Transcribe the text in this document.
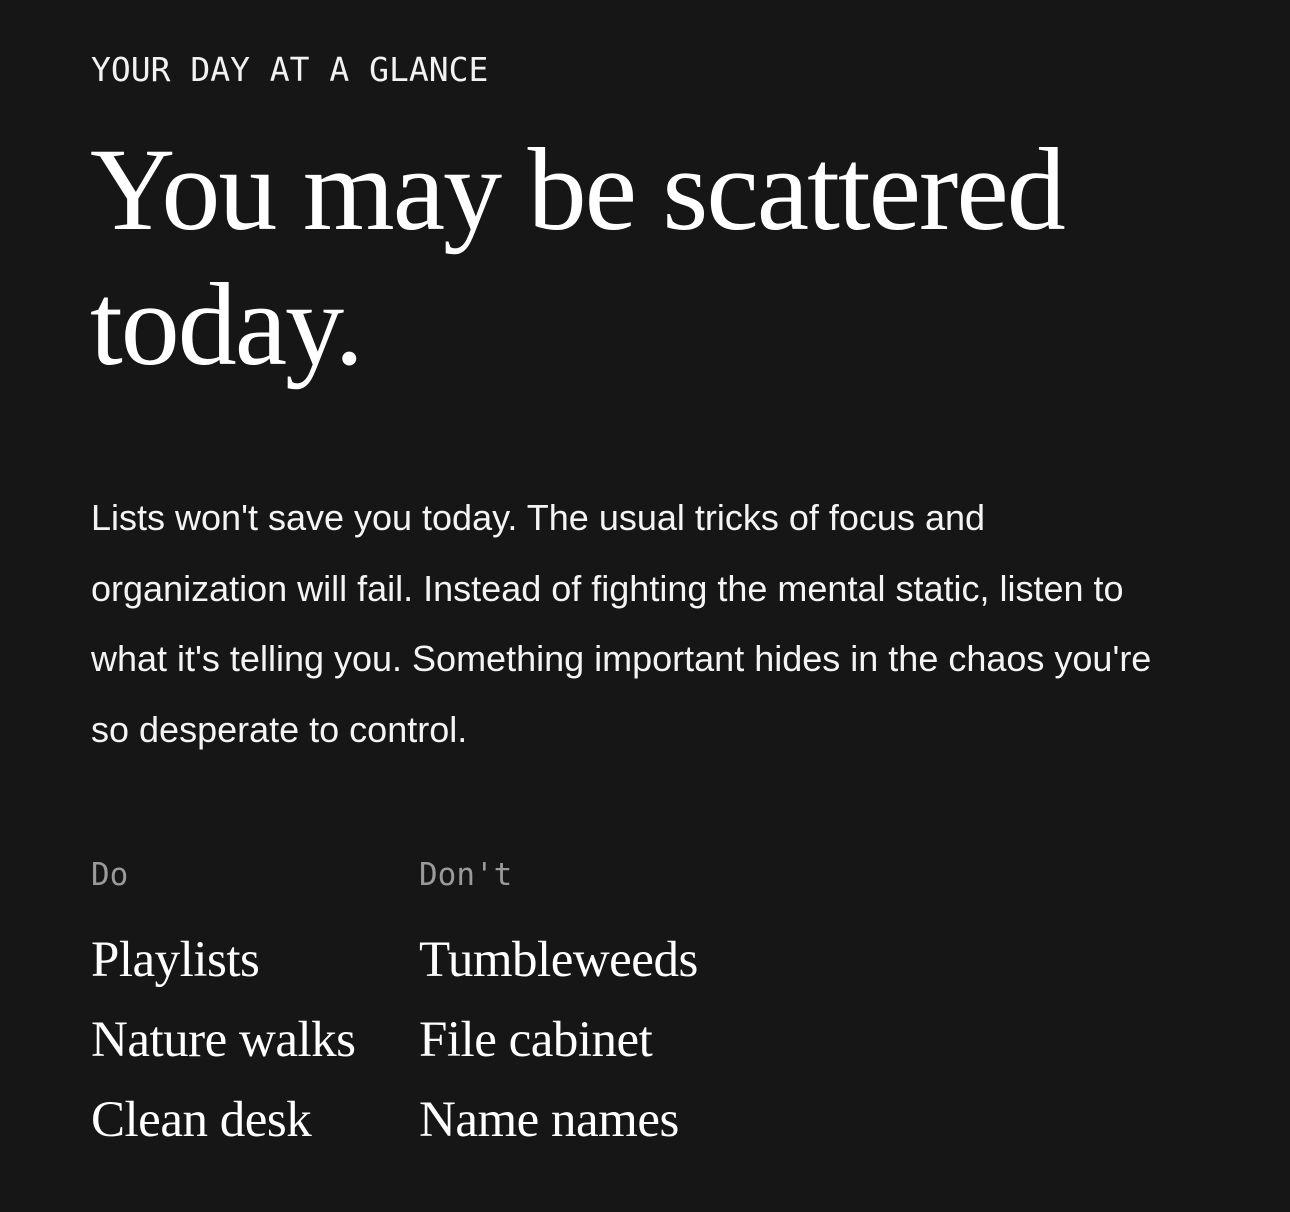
YOUR DAY AT A GLANCE
You may be scattered today.

Lists won't save you today. The usual tricks of focus and organization will fail. Instead of fighting the mental static, listen to what it's telling you. Something important hides in the chaos you're so desperate to control.

Do
Playlists
Nature walks
Clean desk
Don't
Tumbleweeds
File cabinet
Name names
